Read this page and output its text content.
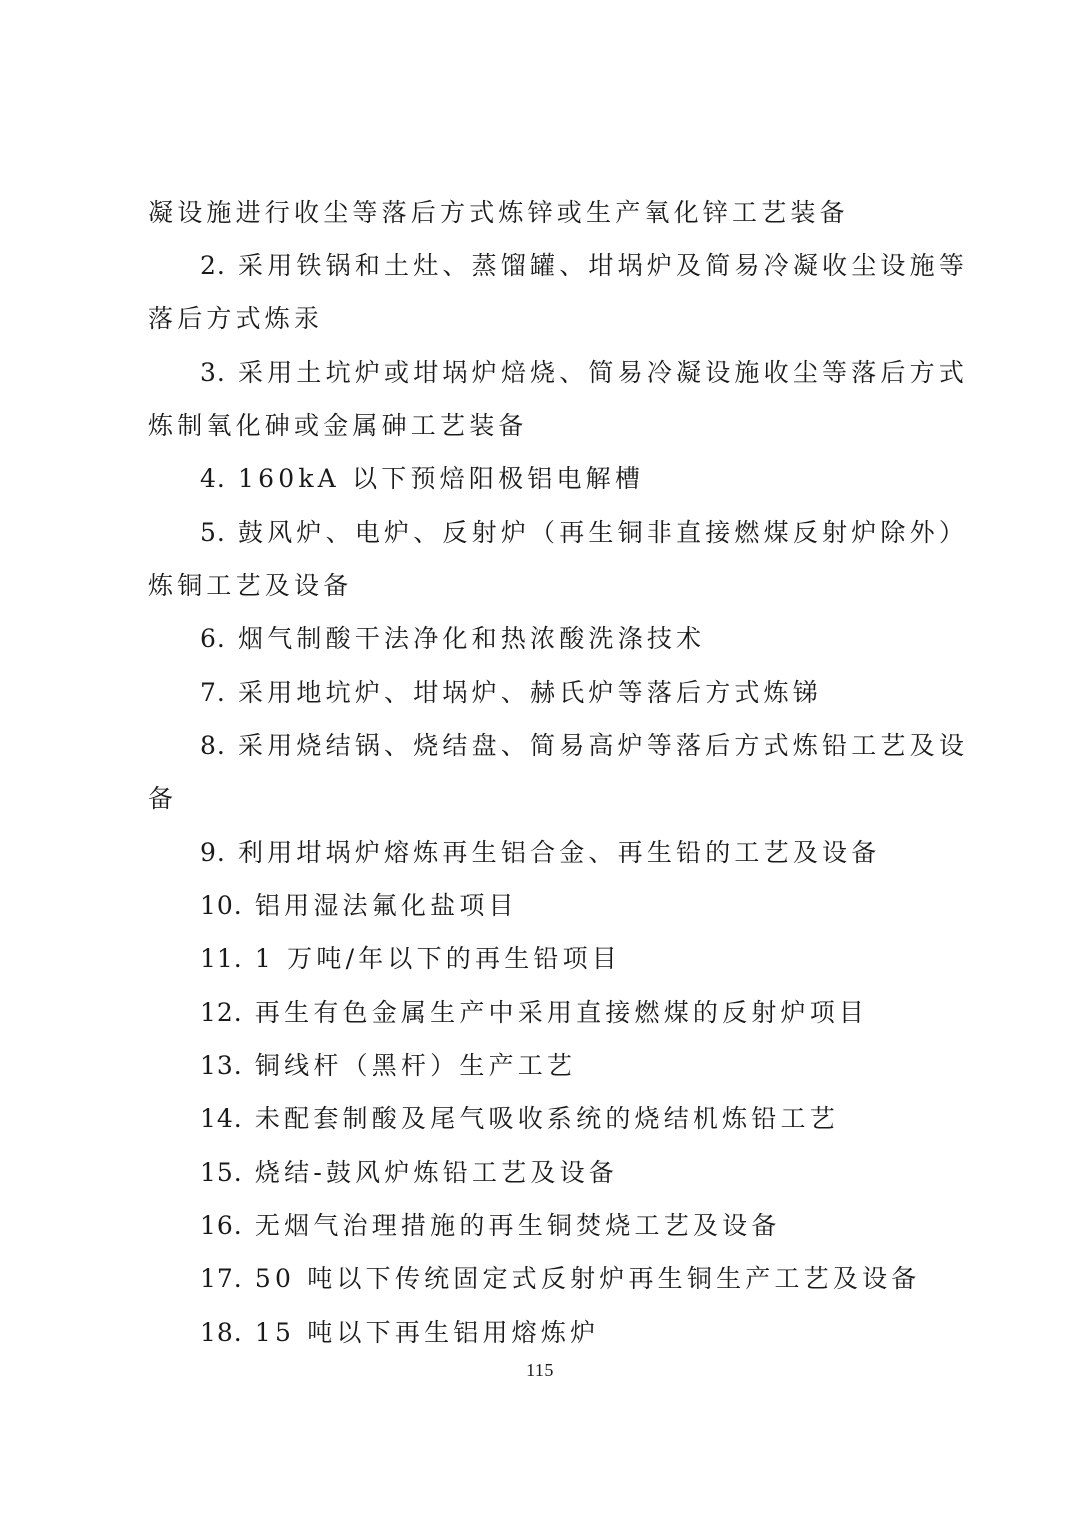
凝设施进行收尘等落后方式炼锌或生产氧化锌工艺装备
2. 采用铁锅和土灶、蒸馏罐、坩埚炉及简易冷凝收尘设施等
落后方式炼汞
3. 采用土坑炉或坩埚炉焙烧、简易冷凝设施收尘等落后方式
炼制氧化砷或金属砷工艺装备
4. 160kA 以下预焙阳极铝电解槽
5. 鼓风炉、电炉、反射炉（再生铜非直接燃煤反射炉除外）
炼铜工艺及设备
6. 烟气制酸干法净化和热浓酸洗涤技术
7. 采用地坑炉、坩埚炉、赫氏炉等落后方式炼锑
8. 采用烧结锅、烧结盘、简易高炉等落后方式炼铅工艺及设
备
9. 利用坩埚炉熔炼再生铝合金、再生铅的工艺及设备
10. 铝用湿法氟化盐项目
11. 1 万吨/年以下的再生铅项目
12. 再生有色金属生产中采用直接燃煤的反射炉项目
13. 铜线杆（黑杆）生产工艺
14. 未配套制酸及尾气吸收系统的烧结机炼铅工艺
15. 烧结-鼓风炉炼铅工艺及设备
16. 无烟气治理措施的再生铜焚烧工艺及设备
17. 50 吨以下传统固定式反射炉再生铜生产工艺及设备
18. 15 吨以下再生铝用熔炼炉
115
